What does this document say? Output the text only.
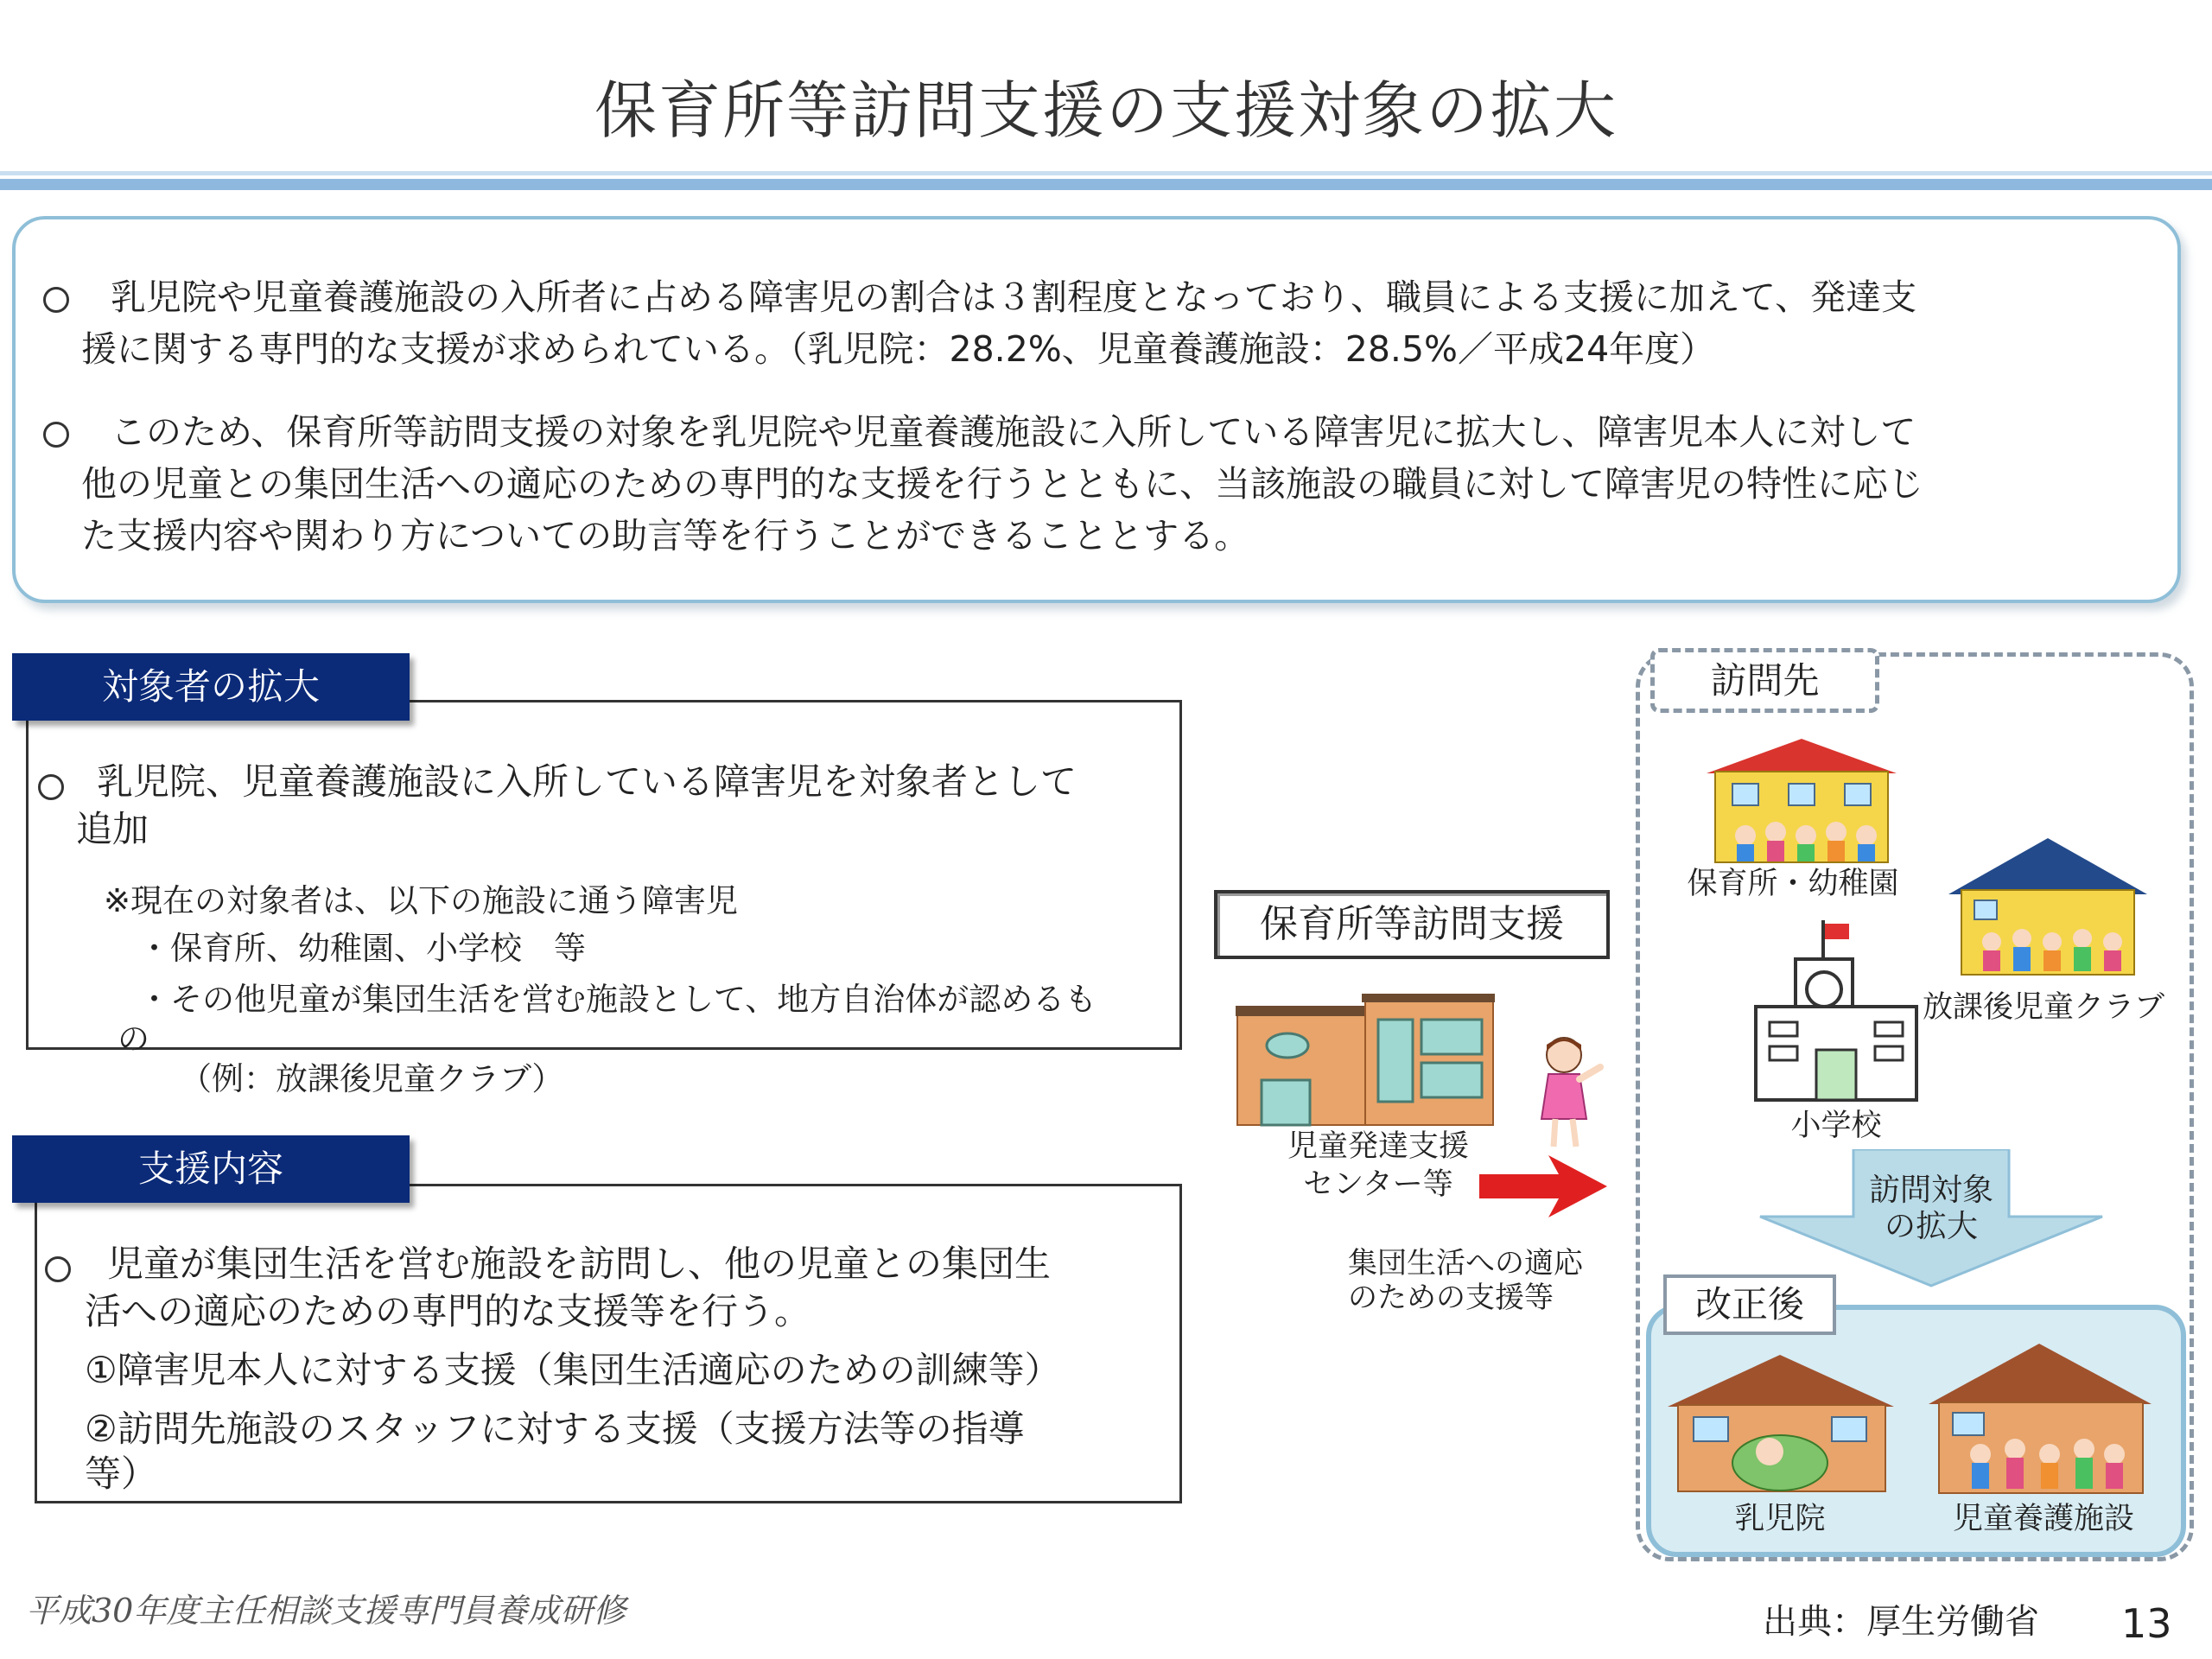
保育所等訪問支援の支援対象の拡大
乳児院や児童養護施設の入所者に占める障害児の割合は３割程度となっており、職員による支援に加えて、発達支
援に関する専門的な支援が求められている。（乳児院：28.2%、児童養護施設：28.5%／平成24年度）
このため、保育所等訪問支援の対象を乳児院や児童養護施設に入所している障害児に拡大し、障害児本人に対して
他の児童との集団生活への適応のための専門的な支援を行うとともに、当該施設の職員に対して障害児の特性に応じ
た支援内容や関わり方についての助言等を行うことができることとする。
対象者の拡大
乳児院、児童養護施設に入所している障害児を対象者として
追加
※現在の対象者は、以下の施設に通う障害児
・保育所、幼稚園、小学校　等
・その他児童が集団生活を営む施設として、地方自治体が認めるも
の
（例：放課後児童クラブ）
支援内容
児童が集団生活を営む施設を訪問し、他の児童との集団生
活への適応のための専門的な支援等を行う。
①障害児本人に対する支援（集団生活適応のための訓練等）
②訪問先施設のスタッフに対する支援（支援方法等の指導
等）
保育所等訪問支援
児童発達支援
センター等
集団生活への適応
のための支援等
訪問先
保育所・幼稚園
放課後児童クラブ
小学校
訪問対象
の拡大
改正後
乳児院	児童養護施設
平成30年度主任相談支援専門員養成研修	出典：厚生労働省 13
